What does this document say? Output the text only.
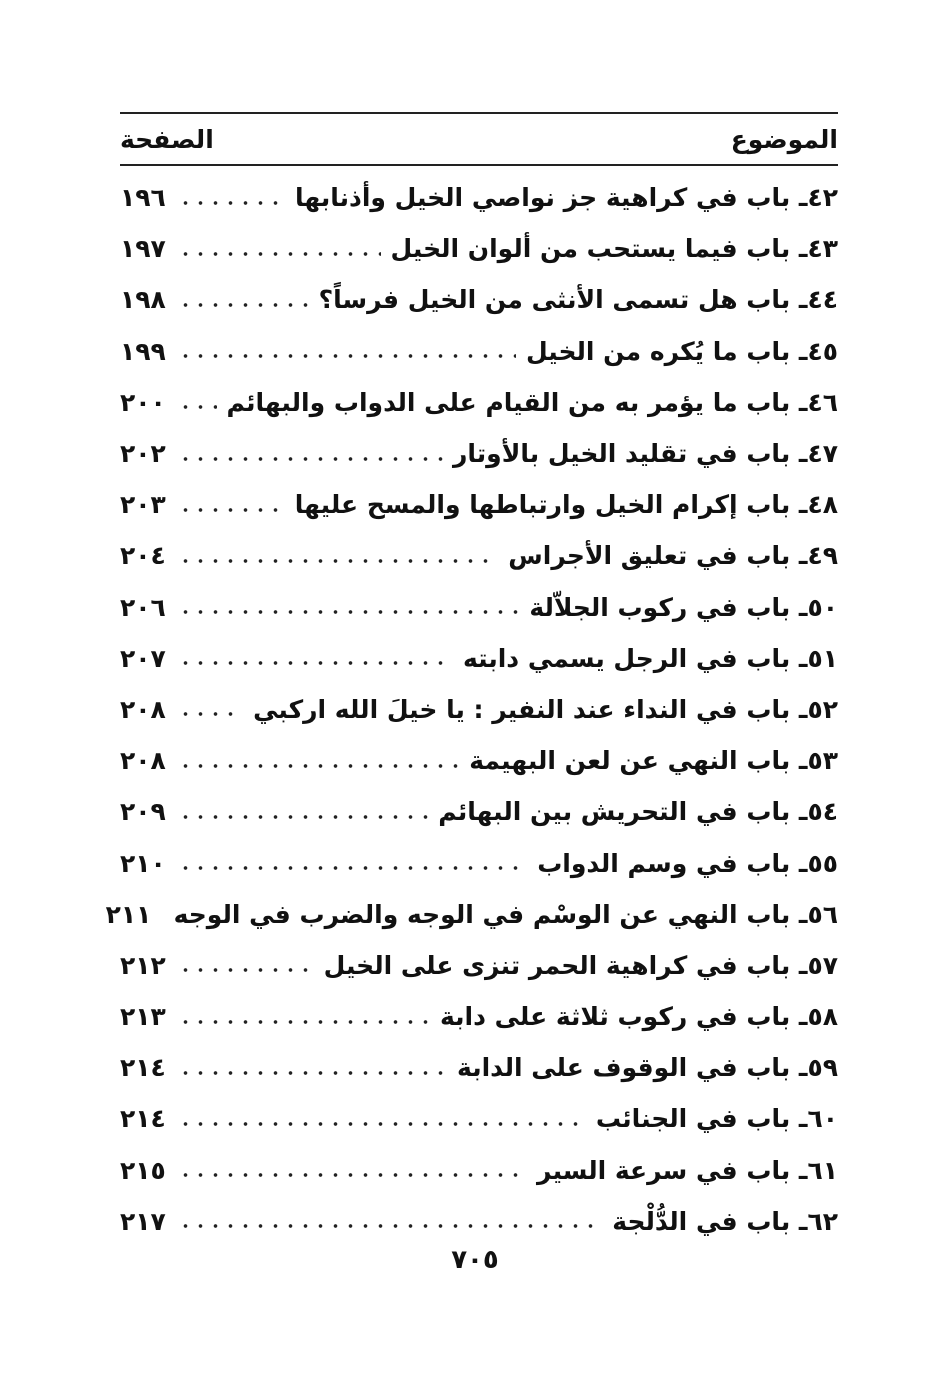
الموضوع
الصفحة
٤٢ـ باب في كراهية جز نواصي الخيل وأذنابها
١٩٦
٤٣ـ باب فيما يستحب من ألوان الخيل
١٩٧
٤٤ـ باب هل تسمى الأنثى من الخيل فرساً؟
١٩٨
٤٥ـ باب ما يُكره من الخيل
١٩٩
٤٦ـ باب ما يؤمر به من القيام على الدواب والبهائم
٢٠٠
٤٧ـ باب في تقليد الخيل بالأوتار
٢٠٢
٤٨ـ باب إكرام الخيل وارتباطها والمسح عليها
٢٠٣
٤٩ـ باب في تعليق الأجراس
٢٠٤
٥٠ـ باب في ركوب الجلاّلة
٢٠٦
٥١ـ باب في الرجل يسمي دابته
٢٠٧
٥٢ـ باب في النداء عند النفير : يا خيلَ الله اركبي
٢٠٨
٥٣ـ باب النهي عن لعن البهيمة
٢٠٨
٥٤ـ باب في التحريش بين البهائم
٢٠٩
٥٥ـ باب في وسم الدواب
٢١٠
٥٦ـ باب النهي عن الوسْم في الوجه والضرب في الوجه
٢١١
٥٧ـ باب في كراهية الحمر تنزى على الخيل
٢١٢
٥٨ـ باب في ركوب ثلاثة على دابة
٢١٣
٥٩ـ باب في الوقوف على الدابة
٢١٤
٦٠ـ باب في الجنائب
٢١٤
٦١ـ باب في سرعة السير
٢١٥
٦٢ـ باب في الدُّلْجة
٢١٧
٧٠٥
